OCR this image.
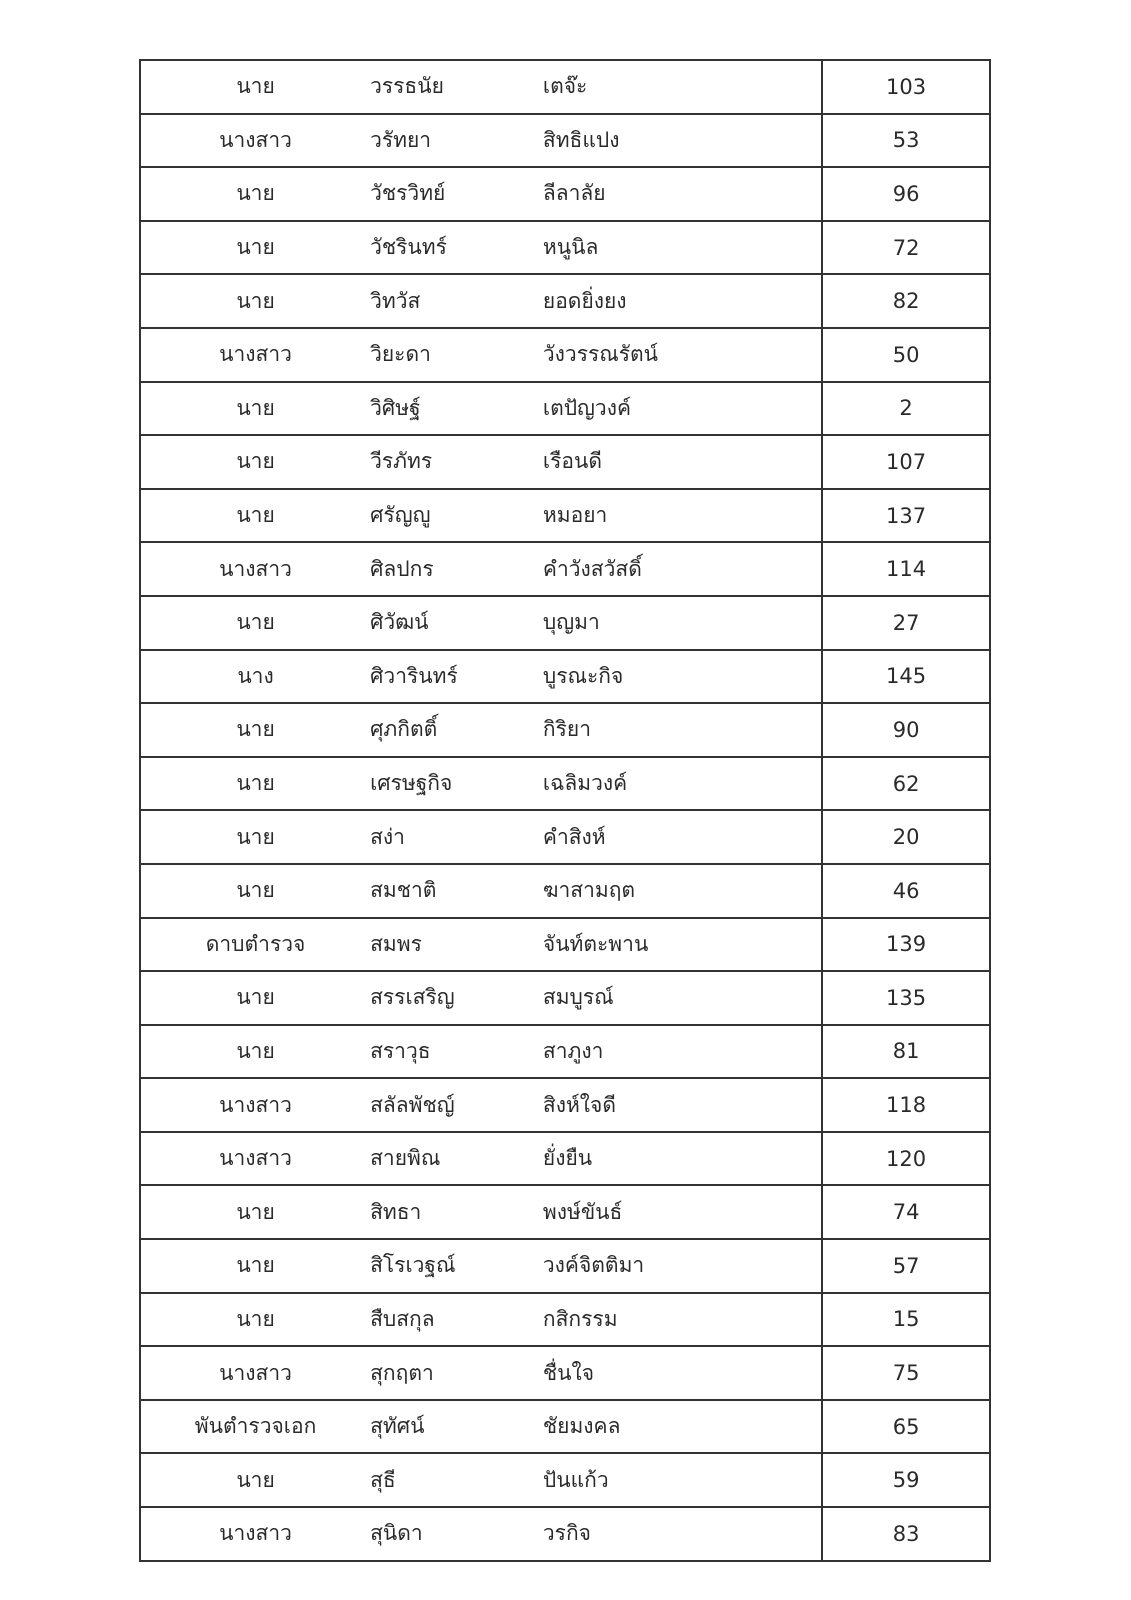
นาย	วรรธนัย	เตจ๊ะ	103
นางสาว	วรัทยา	สิทธิแปง	53
นาย	วัชรวิทย์	ลีลาลัย	96
นาย	วัชรินทร์	หนูนิล	72
นาย	วิทวัส	ยอดยิ่งยง	82
นางสาว	วิยะดา	วังวรรณรัตน์	50
นาย	วิศิษฐ์	เตปัญวงค์	2
นาย	วีรภัทร	เรือนดี	107
นาย	ศรัญญู	หมอยา	137
นางสาว	ศิลปกร	คำวังสวัสดิ์	114
นาย	ศิวัฒน์	บุญมา	27
นาง	ศิวารินทร์	บูรณะกิจ	145
นาย	ศุภกิตติ์	กิริยา	90
นาย	เศรษฐกิจ	เฉลิมวงค์	62
นาย	สง่า	คำสิงห์	20
นาย	สมชาติ	ฆาสามฤต	46
ดาบตำรวจ	สมพร	จันท์ตะพาน	139
นาย	สรรเสริญ	สมบูรณ์	135
นาย	สราวุธ	สาภูงา	81
นางสาว	สลัลพัชญ์	สิงห์ใจดี	118
นางสาว	สายพิณ	ยั่งยืน	120
นาย	สิทธา	พงษ์ขันธ์	74
นาย	สิโรเวฐณ์	วงค์จิตติมา	57
นาย	สืบสกุล	กสิกรรม	15
นางสาว	สุกฤตา	ชื่นใจ	75
พันตำรวจเอก	สุทัศน์	ชัยมงคล	65
นาย	สุธี	ปันแก้ว	59
นางสาว	สุนิดา	วรกิจ	83
